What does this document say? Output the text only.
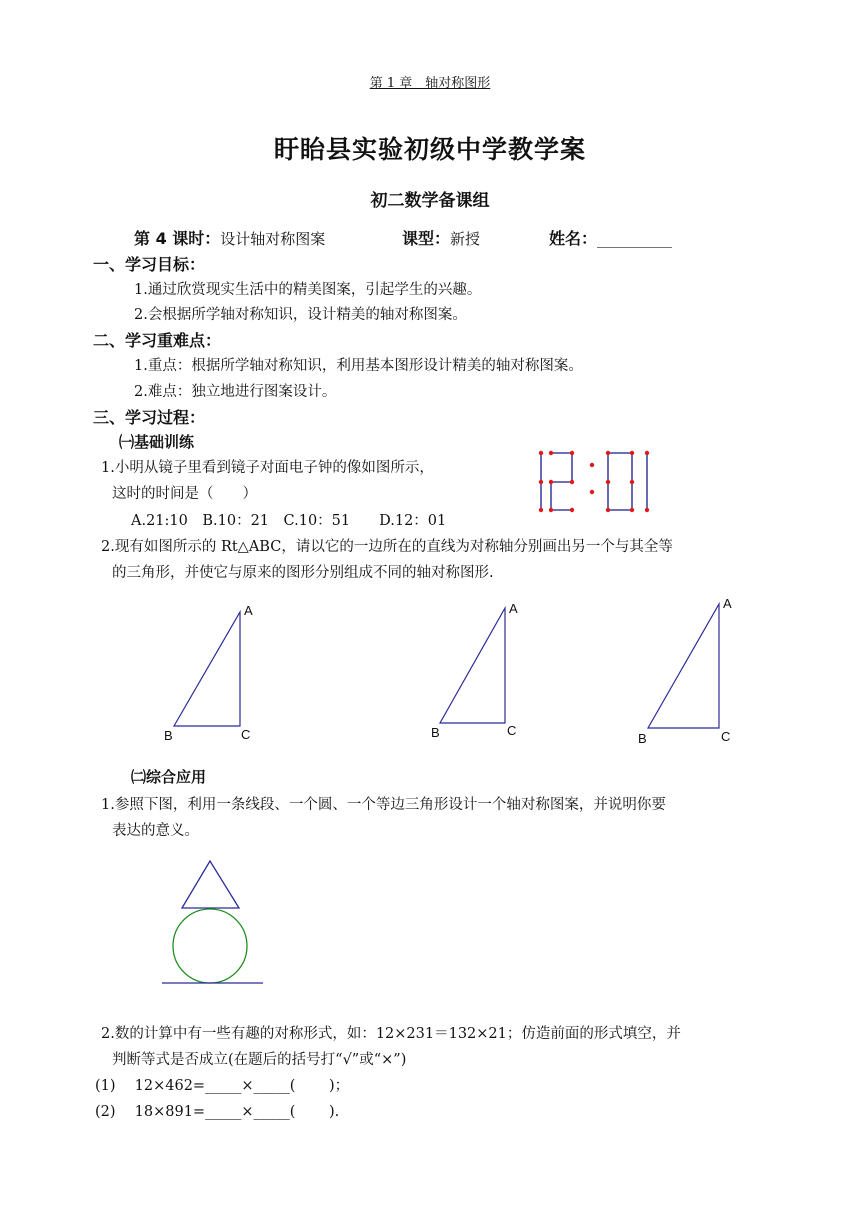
第 1 章　轴对称图形
盱眙县实验初级中学教学案
初二数学备课组
第 4 课时：设计轴对称图案	课型：新授	姓名：__________
一、学习目标：
1.通过欣赏现实生活中的精美图案，引起学生的兴趣。
2.会根据所学轴对称知识，设计精美的轴对称图案。
二、学习重难点：
1.重点：根据所学轴对称知识，利用基本图形设计精美的轴对称图案。
2.难点：独立地进行图案设计。
三、学习过程：
㈠基础训练
1.小明从镜子里看到镜子对面电子钟的像如图所示，
这时的时间是（　　）
A.21:10　B.10：21　C.10：51　　D.12：01
2.现有如图所示的 Rt△ABC，请以它的一边所在的直线为对称轴分别画出另一个与其全等
的三角形，并使它与原来的图形分别组成不同的轴对称图形.
A
B	C
A
B	C
A
B	C
㈡综合应用
1.参照下图，利用一条线段、一个圆、一个等边三角形设计一个轴对称图案，并说明你要
表达的意义。
2.数的计算中有一些有趣的对称形式，如：12×231＝132×21；仿造前面的形式填空，并
判断等式是否成立(在题后的括号打“√”或“×”)
(1)　 12×462=_____×_____(　　 )；
(2)　 18×891=_____×_____(　　 ).
